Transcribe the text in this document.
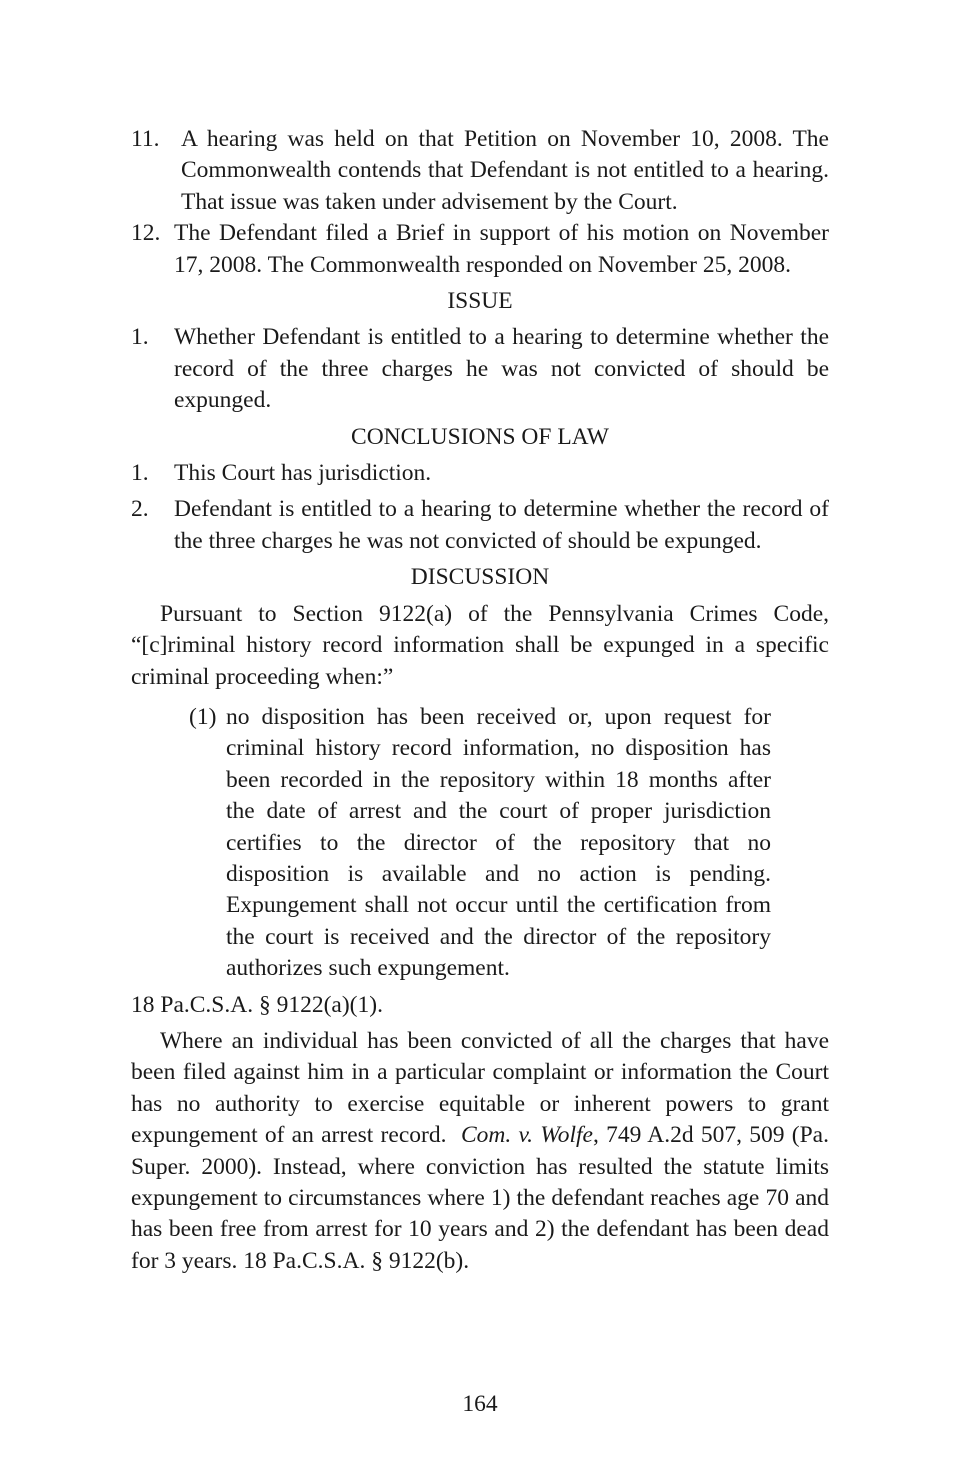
11. A hearing was held on that Petition on November 10, 2008. The Commonwealth contends that Defendant is not entitled to a hearing. That issue was taken under advisement by the Court.
12. The Defendant filed a Brief in support of his motion on November 17, 2008. The Commonwealth responded on November 25, 2008.
ISSUE
1.	Whether Defendant is entitled to a hearing to determine whether the record of the three charges he was not convicted of should be expunged.
CONCLUSIONS OF LAW
1.	This Court has jurisdiction.
2.	Defendant is entitled to a hearing to determine whether the record of the three charges he was not convicted of should be expunged.
DISCUSSION
Pursuant to Section 9122(a) of the Pennsylvania Crimes Code, “[c]riminal history record information shall be expunged in a specific criminal proceeding when:”
(1) no disposition has been received or, upon request for criminal history record information, no disposition has been recorded in the repository within 18 months after the date of arrest and the court of proper jurisdiction certifies to the director of the repository that no disposition is available and no action is pending. Expungement shall not occur until the certification from the court is received and the director of the repository authorizes such expungement.
18 Pa.C.S.A. § 9122(a)(1).
Where an individual has been convicted of all the charges that have been filed against him in a particular complaint or information the Court has no authority to exercise equitable or inherent powers to grant expungement of an arrest record. Com. v. Wolfe, 749 A.2d 507, 509 (Pa. Super. 2000). Instead, where conviction has resulted the statute limits expungement to circumstances where 1) the defendant reaches age 70 and has been free from arrest for 10 years and 2) the defendant has been dead for 3 years. 18 Pa.C.S.A. § 9122(b).
164
